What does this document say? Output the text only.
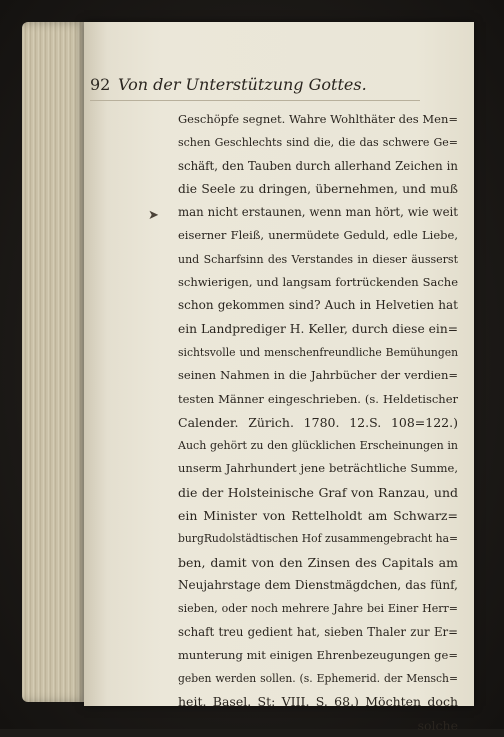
92 Von der Unterstützung Gottes.
➤
Geschöpfe segnet. Wahre Wohlthäter des Men=
schen Geschlechts sind die, die das schwere Ge=
schäft, den Tauben durch allerhand Zeichen in
die Seele zu dringen, übernehmen, und muß
man nicht erstaunen, wenn man hört, wie weit
eiserner Fleiß, unermüdete Geduld, edle Liebe,
und Scharfsinn des Verstandes in dieser äusserst
schwierigen, und langsam fortrückenden Sache
schon gekommen sind? Auch in Helvetien hat
ein Landprediger H. Keller, durch diese ein=
sichtsvolle und menschenfreundliche Bemühungen
seinen Nahmen in die Jahrbücher der verdien=
testen Männer eingeschrieben. (s. Heldetischer
Calender. Zürich. 1780. 12.S. 108=122.)
Auch gehört zu den glücklichen Erscheinungen in
unserm Jahrhundert jene beträchtliche Summe,
die der Holsteinische Graf von Ranzau, und
ein Minister von Rettelholdt am Schwarz=
burgRudolstädtischen Hof zusammengebracht ha=
ben, damit von den Zinsen des Capitals am
Neujahrstage dem Dienstmägdchen, das fünf,
sieben, oder noch mehrere Jahre bei Einer Herr=
schaft treu gedient hat, sieben Thaler zur Er=
munterung mit einigen Ehrenbezeugungen ge=
geben werden sollen. (s. Ephemerid. der Mensch=
heit. Basel. St: VIII. S. 68.) Möchten doch
solche
